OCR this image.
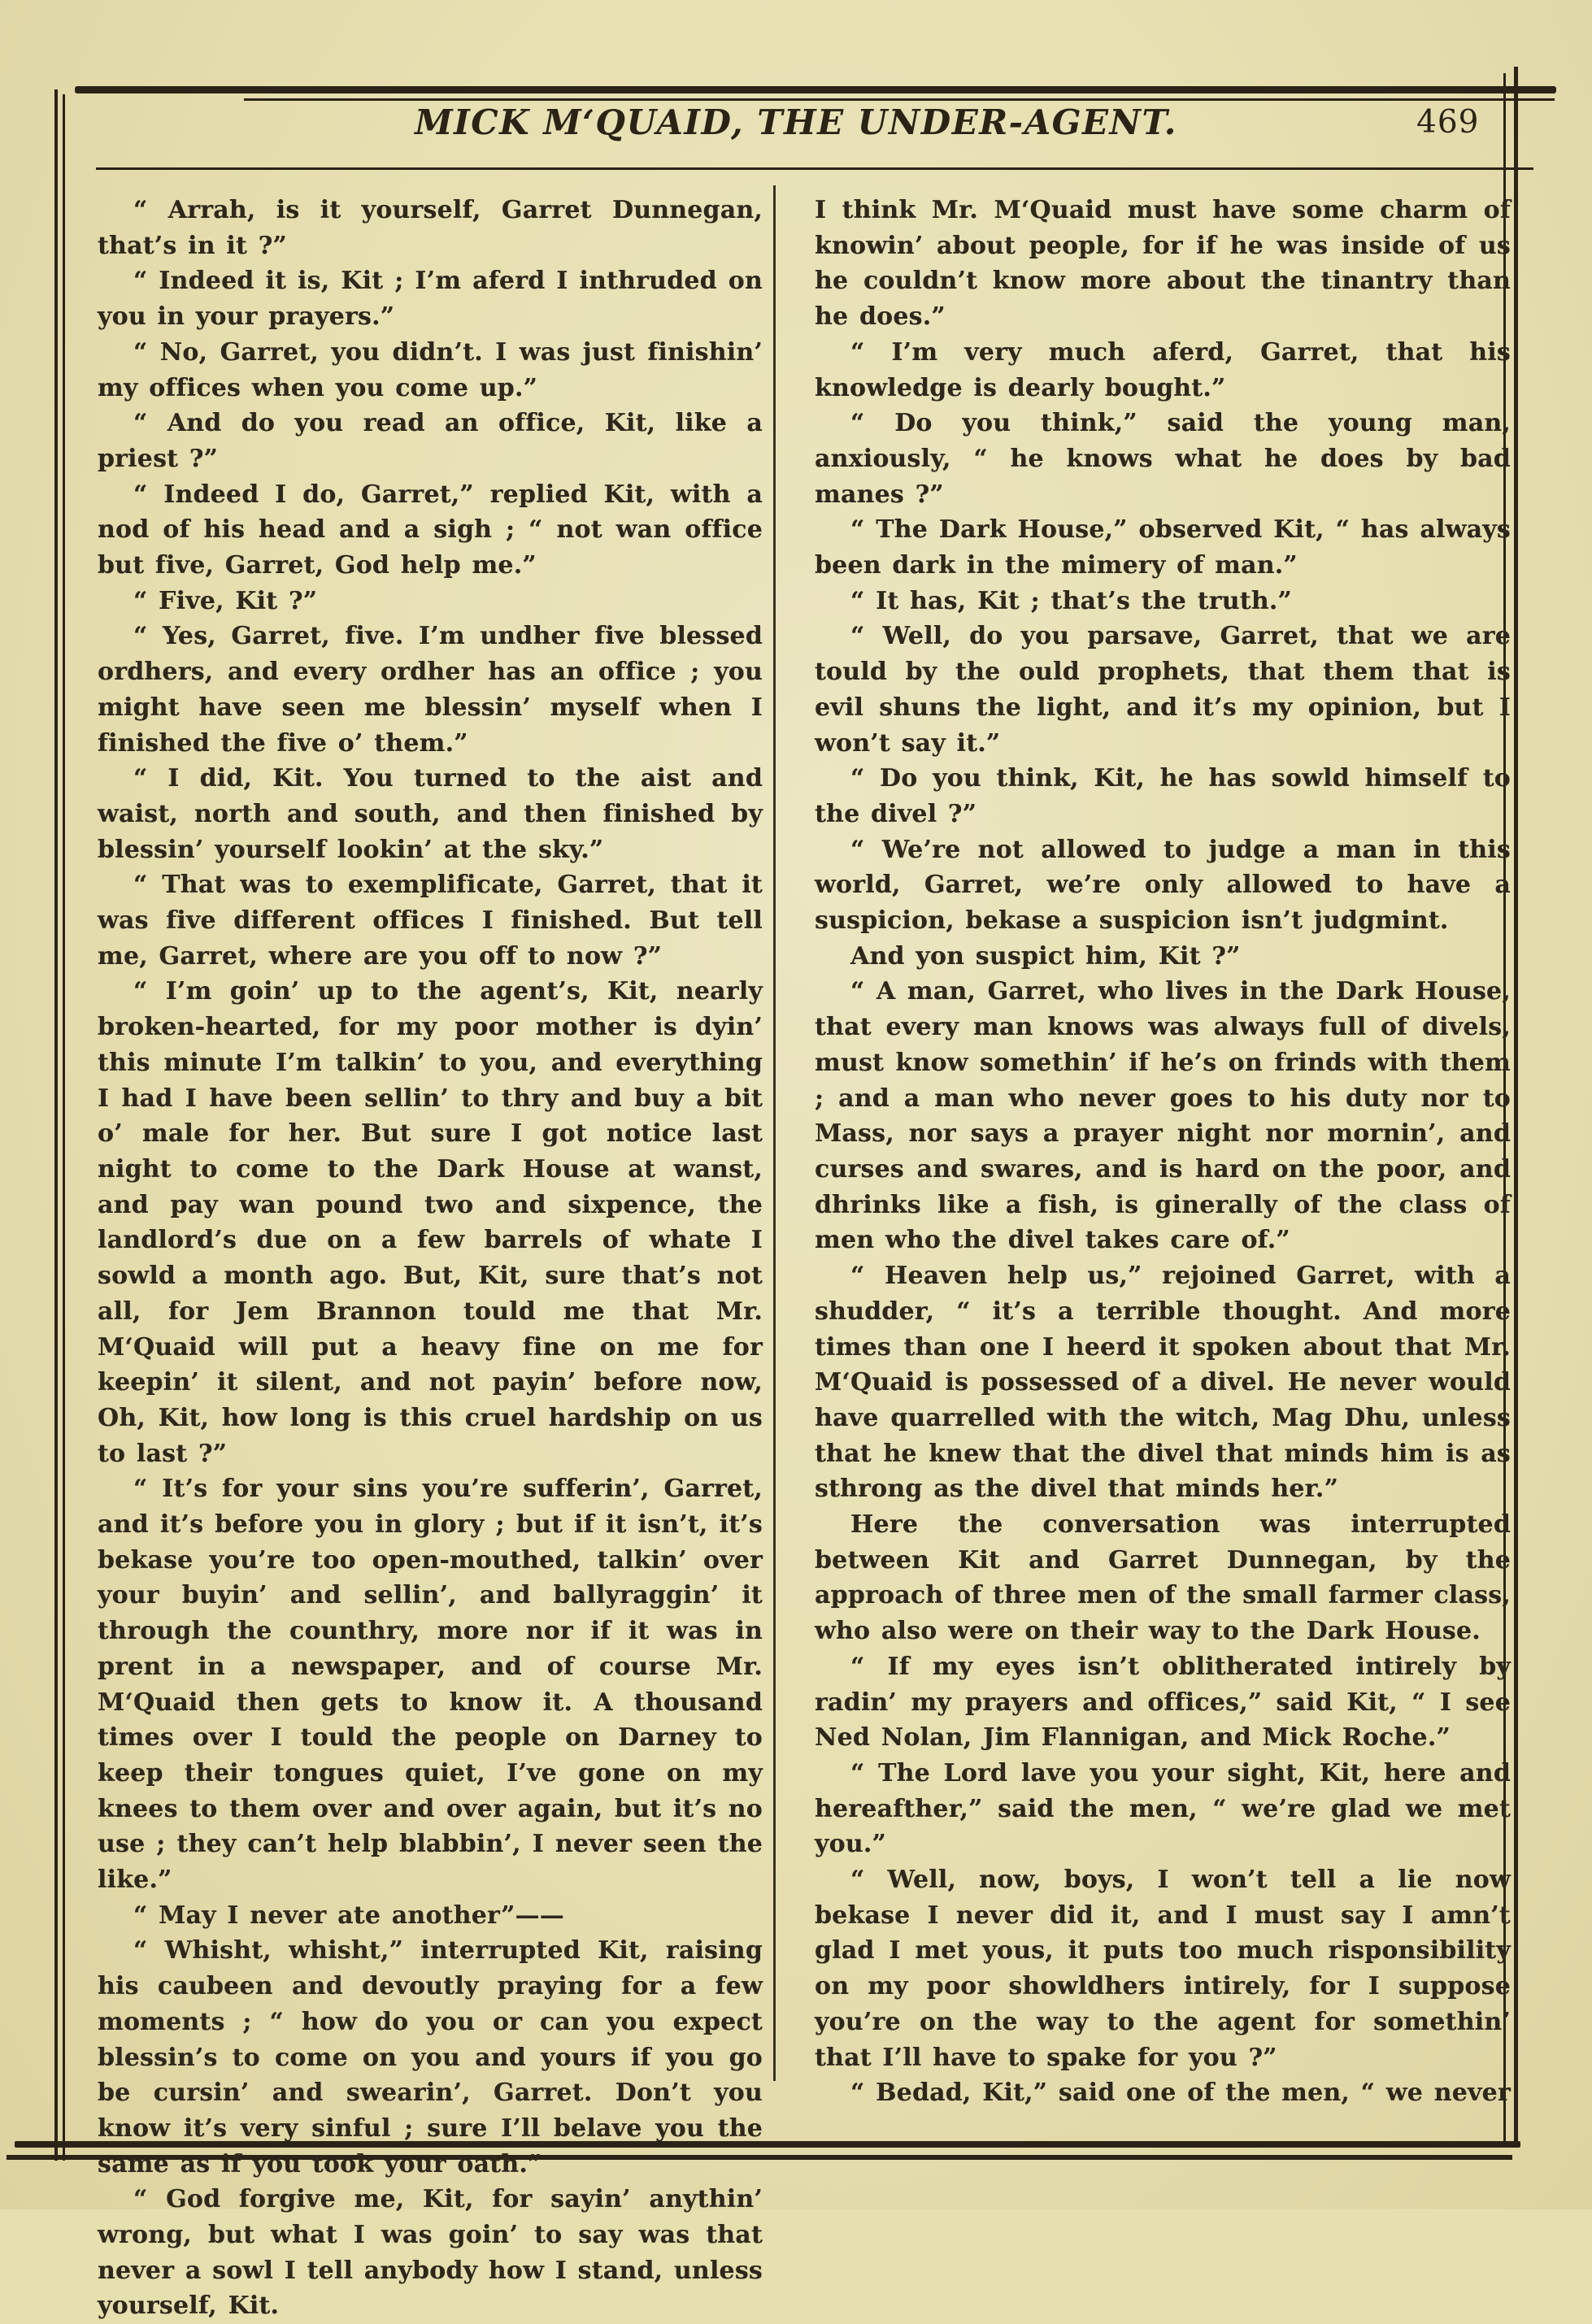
MICK M‘QUAID, THE UNDER-AGENT.	469

“ Arrah, is it yourself, Garret Dunnegan, that’s in it ?”

“ Indeed it is, Kit ; I’m aferd I inthruded on you in your prayers.”

“ No, Garret, you didn’t. I was just finishin’ my offices when you come up.”

“ And do you read an office, Kit, like a priest ?”

“ Indeed I do, Garret,” replied Kit, with a nod of his head and a sigh ; “ not wan office but five, Garret, God help me.”

“ Five, Kit ?”

“ Yes, Garret, five. I’m undher five blessed ordhers, and every ordher has an office ; you might have seen me blessin’ myself when I finished the five o’ them.”

“ I did, Kit. You turned to the aist and waist, north and south, and then finished by blessin’ yourself lookin’ at the sky.”

“ That was to exemplificate, Garret, that it was five different offices I finished. But tell me, Garret, where are you off to now ?”

“ I’m goin’ up to the agent’s, Kit, nearly broken-hearted, for my poor mother is dyin’ this minute I’m talkin’ to you, and everything I had I have been sellin’ to thry and buy a bit o’ male for her. But sure I got notice last night to come to the Dark House at wanst, and pay wan pound two and sixpence, the landlord’s due on a few barrels of whate I sowld a month ago. But, Kit, sure that’s not all, for Jem Brannon tould me that Mr. M‘Quaid will put a heavy fine on me for keepin’ it silent, and not payin’ before now, Oh, Kit, how long is this cruel hardship on us to last ?”

“ It’s for your sins you’re sufferin’, Garret, and it’s before you in glory ; but if it isn’t, it’s bekase you’re too open-mouthed, talkin’ over your buyin’ and sellin’, and ballyraggin’ it through the counthry, more nor if it was in prent in a newspaper, and of course Mr. M‘Quaid then gets to know it. A thousand times over I tould the people on Darney to keep their tongues quiet, I’ve gone on my knees to them over and over again, but it’s no use ; they can’t help blabbin’, I never seen the like.”

“ May I never ate another”——

“ Whisht, whisht,” interrupted Kit, raising his caubeen and devoutly praying for a few moments ; “ how do you or can you expect blessin’s to come on you and yours if you go be cursin’ and swearin’, Garret. Don’t you know it’s very sinful ; sure I’ll belave you the same as if you took your oath.”

“ God forgive me, Kit, for sayin’ anythin’ wrong, but what I was goin’ to say was that never a sowl I tell anybody how I stand, unless yourself, Kit.

I think Mr. M‘Quaid must have some charm of knowin’ about people, for if he was inside of us he couldn’t know more about the tinantry than he does.”

“ I’m very much aferd, Garret, that his knowledge is dearly bought.”

“ Do you think,” said the young man, anxiously, “ he knows what he does by bad manes ?”

“ The Dark House,” observed Kit, “ has always been dark in the mimery of man.”

“ It has, Kit ; that’s the truth.”

“ Well, do you parsave, Garret, that we are tould by the ould prophets, that them that is evil shuns the light, and it’s my opinion, but I won’t say it.”

“ Do you think, Kit, he has sowld himself to the divel ?”

“ We’re not allowed to judge a man in this world, Garret, we’re only allowed to have a suspicion, bekase a suspicion isn’t judgmint.

And yon suspict him, Kit ?”

“ A man, Garret, who lives in the Dark House, that every man knows was always full of divels, must know somethin’ if he’s on frinds with them ; and a man who never goes to his duty nor to Mass, nor says a prayer night nor mornin’, and curses and swares, and is hard on the poor, and dhrinks like a fish, is ginerally of the class of men who the divel takes care of.”

“ Heaven help us,” rejoined Garret, with a shudder, “ it’s a terrible thought. And more times than one I heerd it spoken about that Mr. M‘Quaid is possessed of a divel. He never would have quarrelled with the witch, Mag Dhu, unless that he knew that the divel that minds him is as sthrong as the divel that minds her.”

Here the conversation was interrupted between Kit and Garret Dunnegan, by the approach of three men of the small farmer class, who also were on their way to the Dark House.

“ If my eyes isn’t oblitherated intirely by radin’ my prayers and offices,” said Kit, “ I see Ned Nolan, Jim Flannigan, and Mick Roche.”

“ The Lord lave you your sight, Kit, here and hereafther,” said the men, “ we’re glad we met you.”

“ Well, now, boys, I won’t tell a lie now bekase I never did it, and I must say I amn’t glad I met yous, it puts too much risponsibility on my poor showldhers intirely, for I suppose you’re on the way to the agent for somethin’ that I’ll have to spake for you ?”

“ Bedad, Kit,” said one of the men, “ we never
